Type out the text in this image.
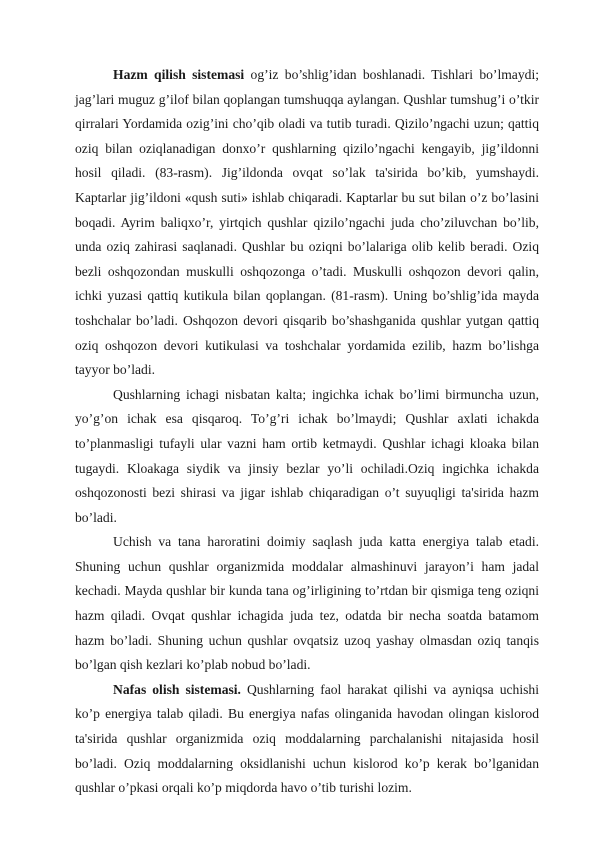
Hazm qilish sistemasi og’iz bo’shlig’idan boshlanadi. Tishlari bo’lmaydi; jag’lari muguz g’ilof bilan qoplangan tumshuqqa aylangan. Qushlar tumshug’i o’tkir qirralari Yordamida ozig’ini cho’qib oladi va tutib turadi. Qizilo’ngachi uzun; qattiq oziq bilan oziqlanadigan donxo’r qushlarning qizilo’ngachi kengayib, jig’ildonni hosil qiladi. (83-rasm). Jig’ildonda ovqat so’lak ta'sirida bo’kib, yumshaydi. Kaptarlar jig’ildoni «qush suti» ishlab chiqaradi. Kaptarlar bu sut bilan o’z bo’lasini boqadi. Ayrim baliqxo’r, yirtqich qushlar qizilo’ngachi juda cho’ziluvchan bo’lib, unda oziq zahirasi saqlanadi. Qushlar bu oziqni bo’lalariga olib kelib beradi. Oziq bezli oshqozondan muskulli oshqozonga o’tadi. Muskulli oshqozon devori qalin, ichki yuzasi qattiq kutikula bilan qoplangan. (81-rasm). Uning bo’shlig’ida mayda toshchalar bo’ladi. Oshqozon devori qisqarib bo’shashganida qushlar yutgan qattiq oziq oshqozon devori kutikulasi va toshchalar yordamida ezilib, hazm bo’lishga tayyor bo’ladi.

Qushlarning ichagi nisbatan kalta; ingichka ichak bo’limi birmuncha uzun, yo’g’on ichak esa qisqaroq. To’g’ri ichak bo’lmaydi; Qushlar axlati ichakda to’planmasligi tufayli ular vazni ham ortib ketmaydi. Qushlar ichagi kloaka bilan tugaydi. Kloakaga siydik va jinsiy bezlar yo’li ochiladi.Oziq ingichka ichakda oshqozonosti bezi shirasi va jigar ishlab chiqaradigan o’t suyuqligi ta'sirida hazm bo’ladi.

Uchish va tana haroratini doimiy saqlash juda katta energiya talab etadi. Shuning uchun qushlar organizmida moddalar almashinuvi jarayon’i ham jadal kechadi. Mayda qushlar bir kunda tana og’irligining to’rtdan bir qismiga teng oziqni hazm qiladi. Ovqat qushlar ichagida juda tez, odatda bir necha soatda batamom hazm bo’ladi. Shuning uchun qushlar ovqatsiz uzoq yashay olmasdan oziq tanqis bo’lgan qish kezlari ko’plab nobud bo’ladi.

Nafas olish sistemasi. Qushlarning faol harakat qilishi va ayniqsa uchishi ko’p energiya talab qiladi. Bu energiya nafas olinganida havodan olingan kislorod ta'sirida qushlar organizmida oziq moddalarning parchalanishi nitajasida hosil bo’ladi. Oziq moddalarning oksidlanishi uchun kislorod ko’p kerak bo’lganidan qushlar o’pkasi orqali ko’p miqdorda havo o’tib turishi lozim.
